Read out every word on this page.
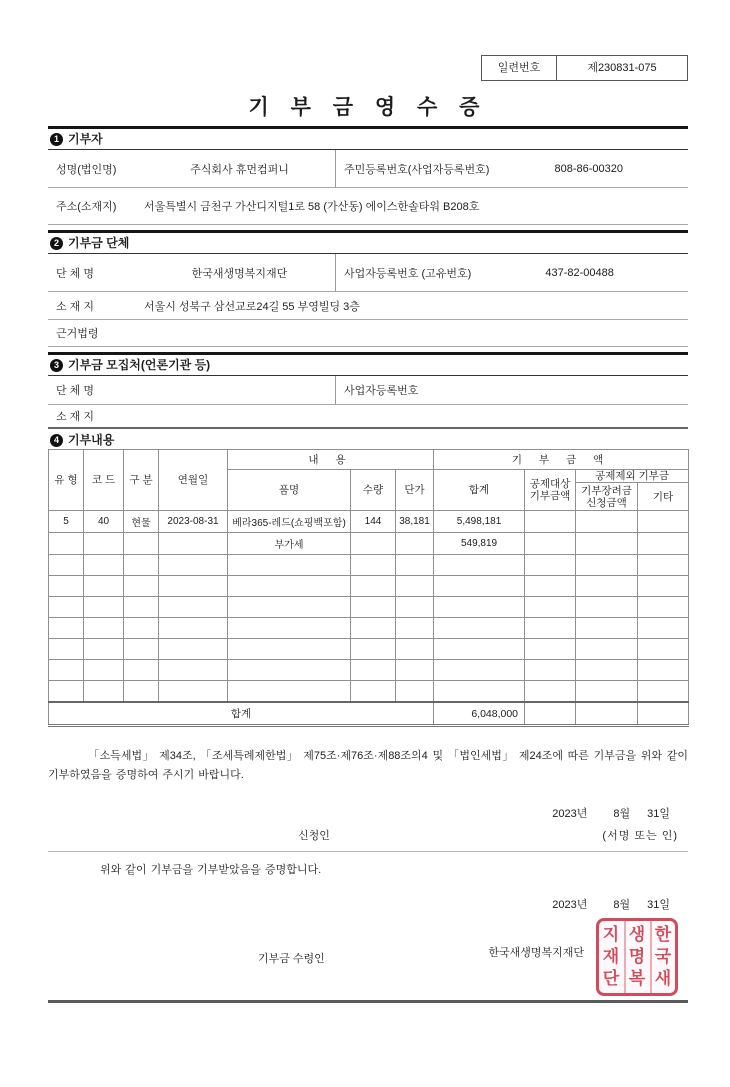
일련번호	제230831-075
기 부 금 영 수 증
1 기부자
성명(법인명)	주식회사 휴먼컴퍼니	주민등록번호(사업자등록번호)	808-86-00320
주소(소재지)	서울특별시 금천구 가산디지털1로 58 (가산동) 에이스한솔타워 B208호
2 기부금 단체
단 체 명	한국새생명복지재단	사업자등록번호 (고유번호)	437-82-00488
소 재 지	서울시 성북구 삼선교로24길 55 부영빌딩 3층
근거법령
3 기부금 모집처(언론기관 등)
단 체 명	사업자등록번호
소 재 지
4 기부내용
유 형	코 드	구 분	연월일	내 용			기 부 금 액			
				품명	수량	단가	합계	공제대상 기부금액	공제제외 기부금	
									기부장려금 신청금액	기타
5	40	현물	2023-08-31	베라365-레드(쇼핑백포함)	144	38,181	5,498,181			
				부가세			549,819			

합계							6,048,000			
「소득세법」 제34조, 「조세특례제한법」 제75조·제76조·제88조의4 및 「법인세법」 제24조에 따른 기부금을 위와 같이 기부하였음을 증명하여 주시기 바랍니다.
2023년 8월 31일
신청인	(서명 또는 인)
위와 같이 기부금을 기부받았음을 증명합니다.
2023년 8월 31일
기부금 수령인	한국새생명복지재단
한국새
생명복
지재단
